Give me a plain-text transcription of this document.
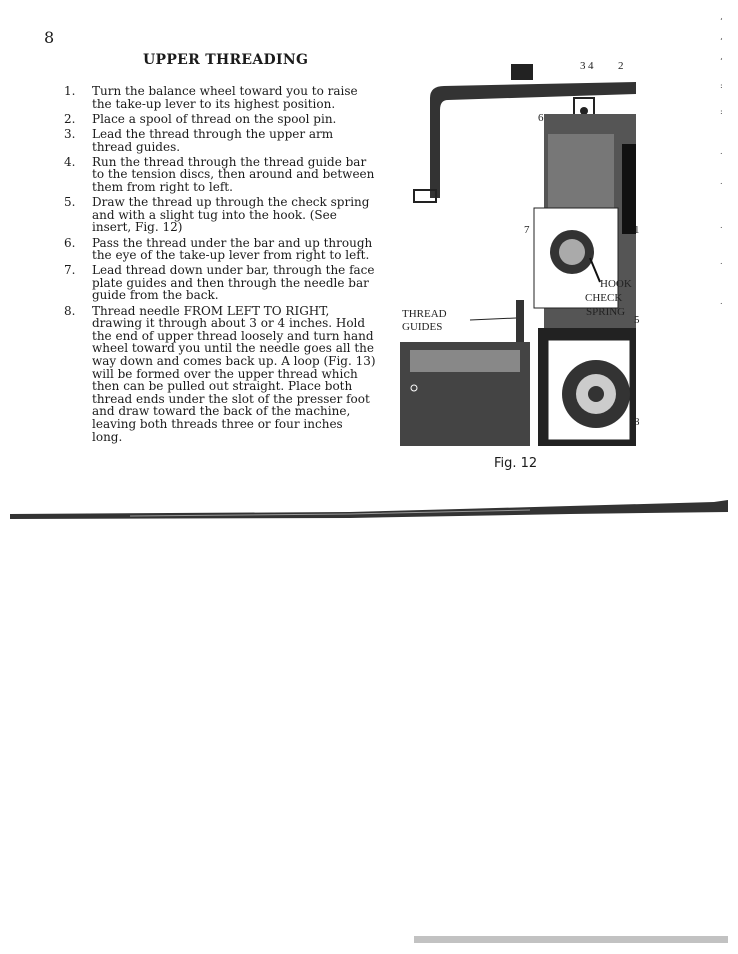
8
UPPER THREADING
1. Turn the balance wheel toward you to raise the take-up lever to its highest position.
2. Place a spool of thread on the spool pin.
3. Lead the thread through the upper arm thread guides.
4. Run the thread through the thread guide bar to the tension discs, then around and between them from right to left.
5. Draw the thread up through the check spring and with a slight tug into the hook. (See insert, Fig. 12)
6. Pass the thread under the bar and up through the eye of the take-up lever from right to left.
7. Lead thread down under bar, through the face plate guides and then through the needle bar guide from the back.
8. Thread needle FROM LEFT TO RIGHT, drawing it through about 3 or 4 inches. Hold the end of upper thread loosely and turn hand wheel toward you until the needle goes all the way down and comes back up. A loop (Fig. 13) will be formed over the upper thread which then can be pulled out straight. Place both thread ends under the slot of the presser foot and draw toward the back of the machine, leaving both threads three or four inches long.
3 4 2
6
7	1
5
8
HOOK
CHECK
SPRING
THREAD
GUIDES
Fig. 12
‘
‘
‘
:
:
.
.
.
.
.
